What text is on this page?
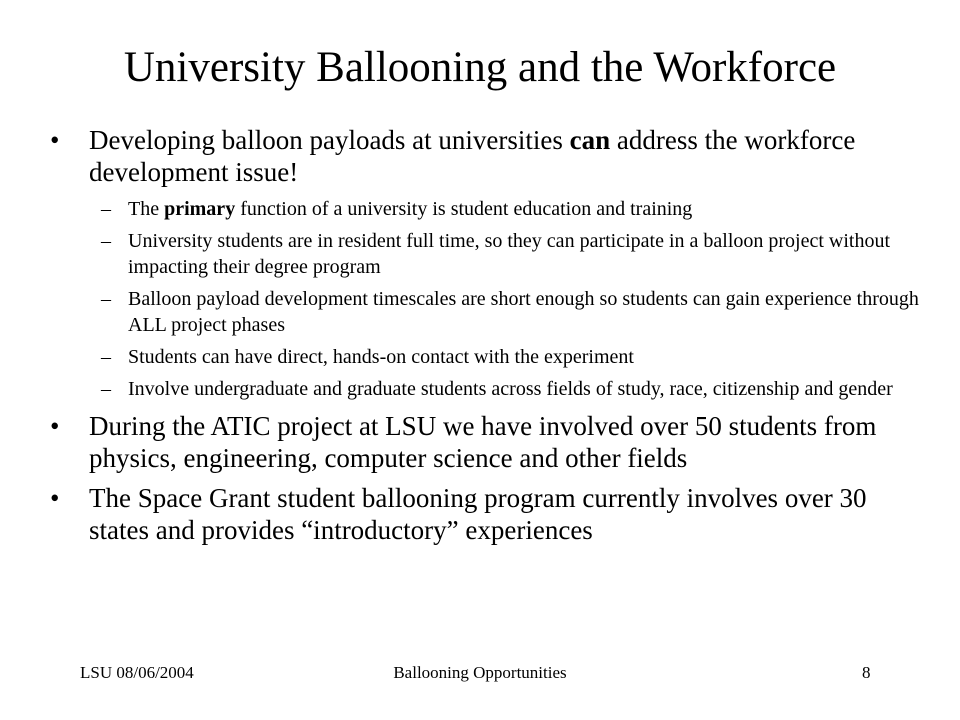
University Ballooning and the Workforce
• Developing balloon payloads at universities can address the workforce development issue!
– The primary function of a university is student education and training
– University students are in resident full time, so they can participate in a balloon project without impacting their degree program
– Balloon payload development timescales are short enough so students can gain experience through ALL project phases
– Students can have direct, hands-on contact with the experiment
– Involve undergraduate and graduate students across fields of study, race, citizenship and gender
• During the ATIC project at LSU we have involved over 50 students from physics, engineering, computer science and other fields
• The Space Grant student ballooning program currently involves over 30 states and provides “introductory” experiences
LSU 08/06/2004	Ballooning Opportunities	8
